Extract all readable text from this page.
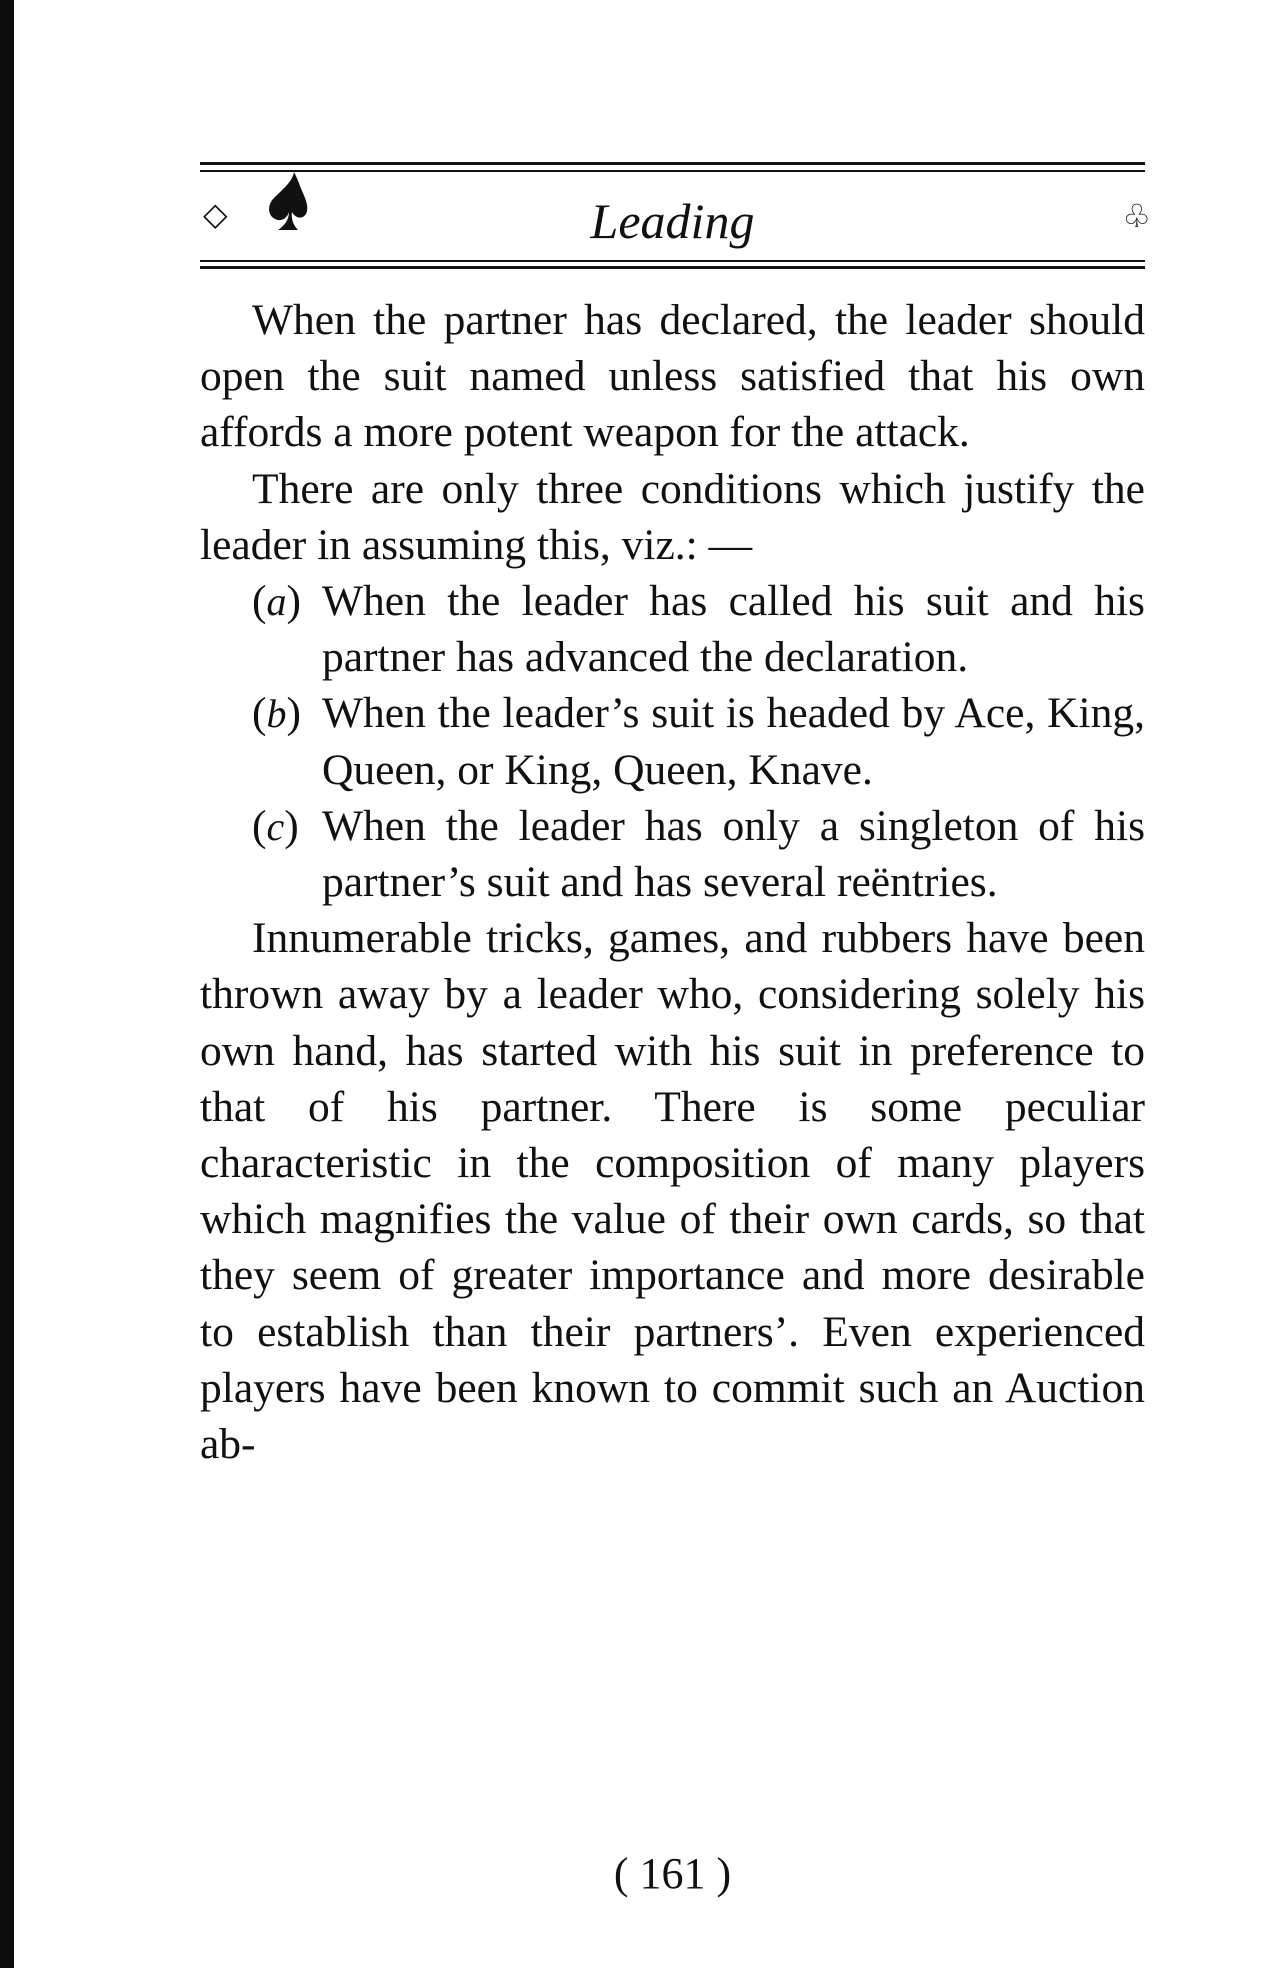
◇	Leading	♧

When the partner has declared, the leader should open the suit named unless satisfied that his own affords a more potent weapon for the attack.

There are only three conditions which justify the leader in assuming this, viz.: —

(a) When the leader has called his suit and his partner has advanced the declaration.
(b) When the leader’s suit is headed by Ace, King, Queen, or King, Queen, Knave.
(c) When the leader has only a singleton of his partner’s suit and has several reëntries.

Innumerable tricks, games, and rubbers have been thrown away by a leader who, considering solely his own hand, has started with his suit in preference to that of his partner. There is some peculiar characteristic in the composition of many players which magnifies the value of their own cards, so that they seem of greater importance and more desirable to establish than their partners’. Even experienced players have been known to commit such an Auction ab-

( 161 )
